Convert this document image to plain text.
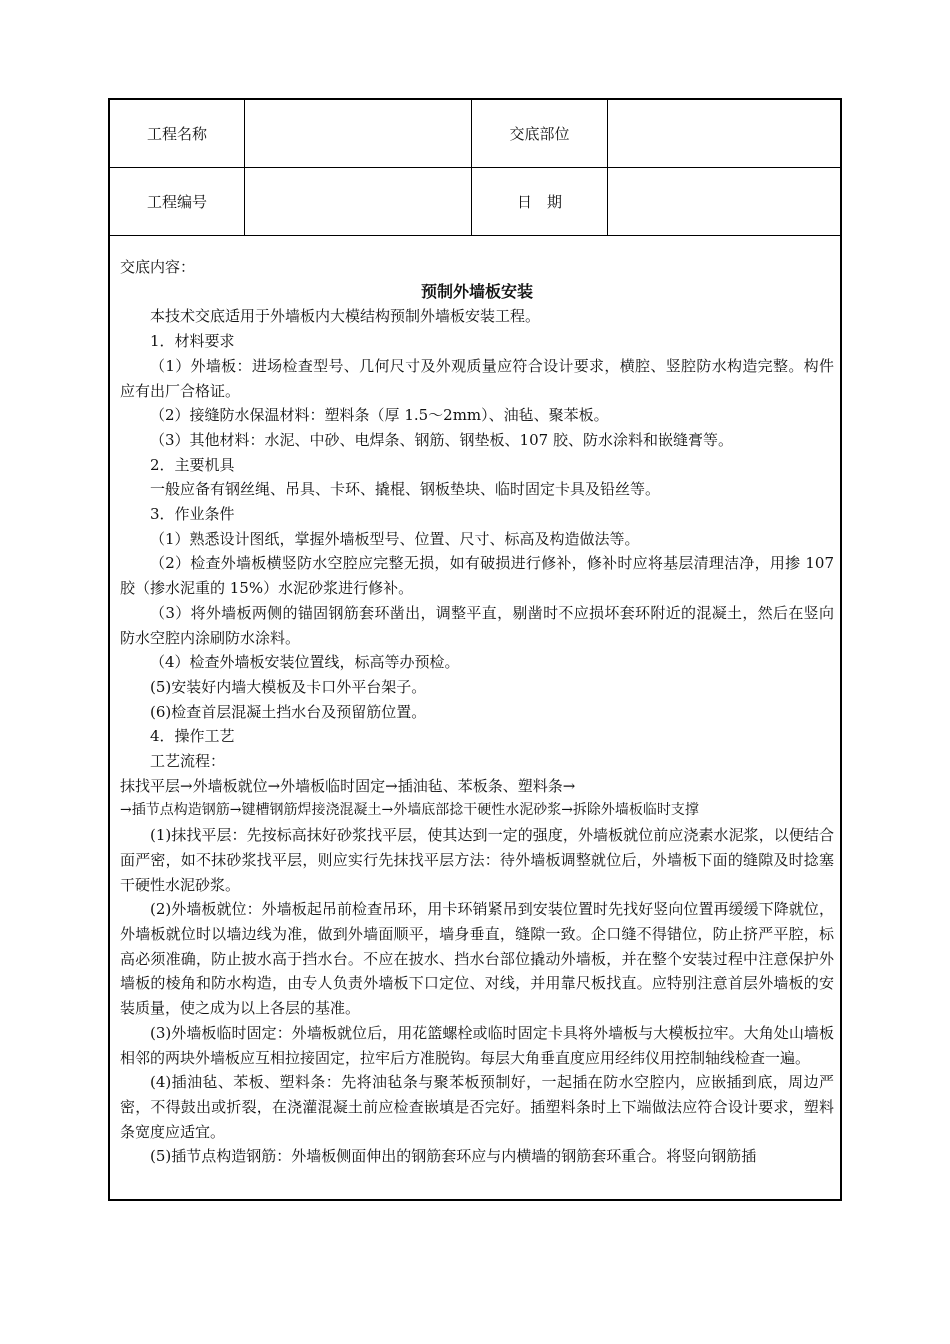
工程名称	交底部位
工程编号	日　期

交底内容：

预制外墙板安装

本技术交底适用于外墙板内大模结构预制外墙板安装工程。

1．材料要求

（1）外墙板：进场检查型号、几何尺寸及外观质量应符合设计要求，横腔、竖腔防水构造完整。构件应有出厂合格证。

（2）接缝防水保温材料：塑料条（厚 1.5～2mm）、油毡、聚苯板。

（3）其他材料：水泥、中砂、电焊条、钢筋、钢垫板、107 胶、防水涂料和嵌缝膏等。

2．主要机具

一般应备有钢丝绳、吊具、卡环、撬棍、钢板垫块、临时固定卡具及铅丝等。

3．作业条件

（1）熟悉设计图纸，掌握外墙板型号、位置、尺寸、标高及构造做法等。

（2）检查外墙板横竖防水空腔应完整无损，如有破损进行修补，修补时应将基层清理洁净，用掺 107 胶（掺水泥重的 15%）水泥砂浆进行修补。

（3）将外墙板两侧的锚固钢筋套环凿出，调整平直，剔凿时不应损坏套环附近的混凝土，然后在竖向防水空腔内涂刷防水涂料。

（4）检查外墙板安装位置线，标高等办预检。

(5)安装好内墙大模板及卡口外平台架子。

(6)检查首层混凝土挡水台及预留筋位置。

4．操作工艺

工艺流程：

抹找平层→外墙板就位→外墙板临时固定→插油毡、苯板条、塑料条→

→插节点构造钢筋→键槽钢筋焊接浇混凝土→外墙底部捻干硬性水泥砂浆→拆除外墙板临时支撑

(1)抹找平层：先按标高抹好砂浆找平层，使其达到一定的强度，外墙板就位前应浇素水泥浆，以便结合面严密，如不抹砂浆找平层，则应实行先抹找平层方法：待外墙板调整就位后，外墙板下面的缝隙及时捻塞干硬性水泥砂浆。

(2)外墙板就位：外墙板起吊前检查吊环，用卡环销紧吊到安装位置时先找好竖向位置再缓缓下降就位，外墙板就位时以墙边线为准，做到外墙面顺平，墙身垂直，缝隙一致。企口缝不得错位，防止挤严平腔，标高必须准确，防止披水高于挡水台。不应在披水、挡水台部位撬动外墙板，并在整个安装过程中注意保护外墙板的棱角和防水构造，由专人负责外墙板下口定位、对线，并用靠尺板找直。应特别注意首层外墙板的安装质量，使之成为以上各层的基准。

(3)外墙板临时固定：外墙板就位后，用花篮螺栓或临时固定卡具将外墙板与大模板拉牢。大角处山墙板相邻的两块外墙板应互相拉接固定，拉牢后方准脱钩。每层大角垂直度应用经纬仪用控制轴线检查一遍。

(4)插油毡、苯板、塑料条：先将油毡条与聚苯板预制好，一起插在防水空腔内，应嵌插到底，周边严密，不得鼓出或折裂，在浇灌混凝土前应检查嵌填是否完好。插塑料条时上下端做法应符合设计要求，塑料条宽度应适宜。

(5)插节点构造钢筋：外墙板侧面伸出的钢筋套环应与内横墙的钢筋套环重合。将竖向钢筋插
